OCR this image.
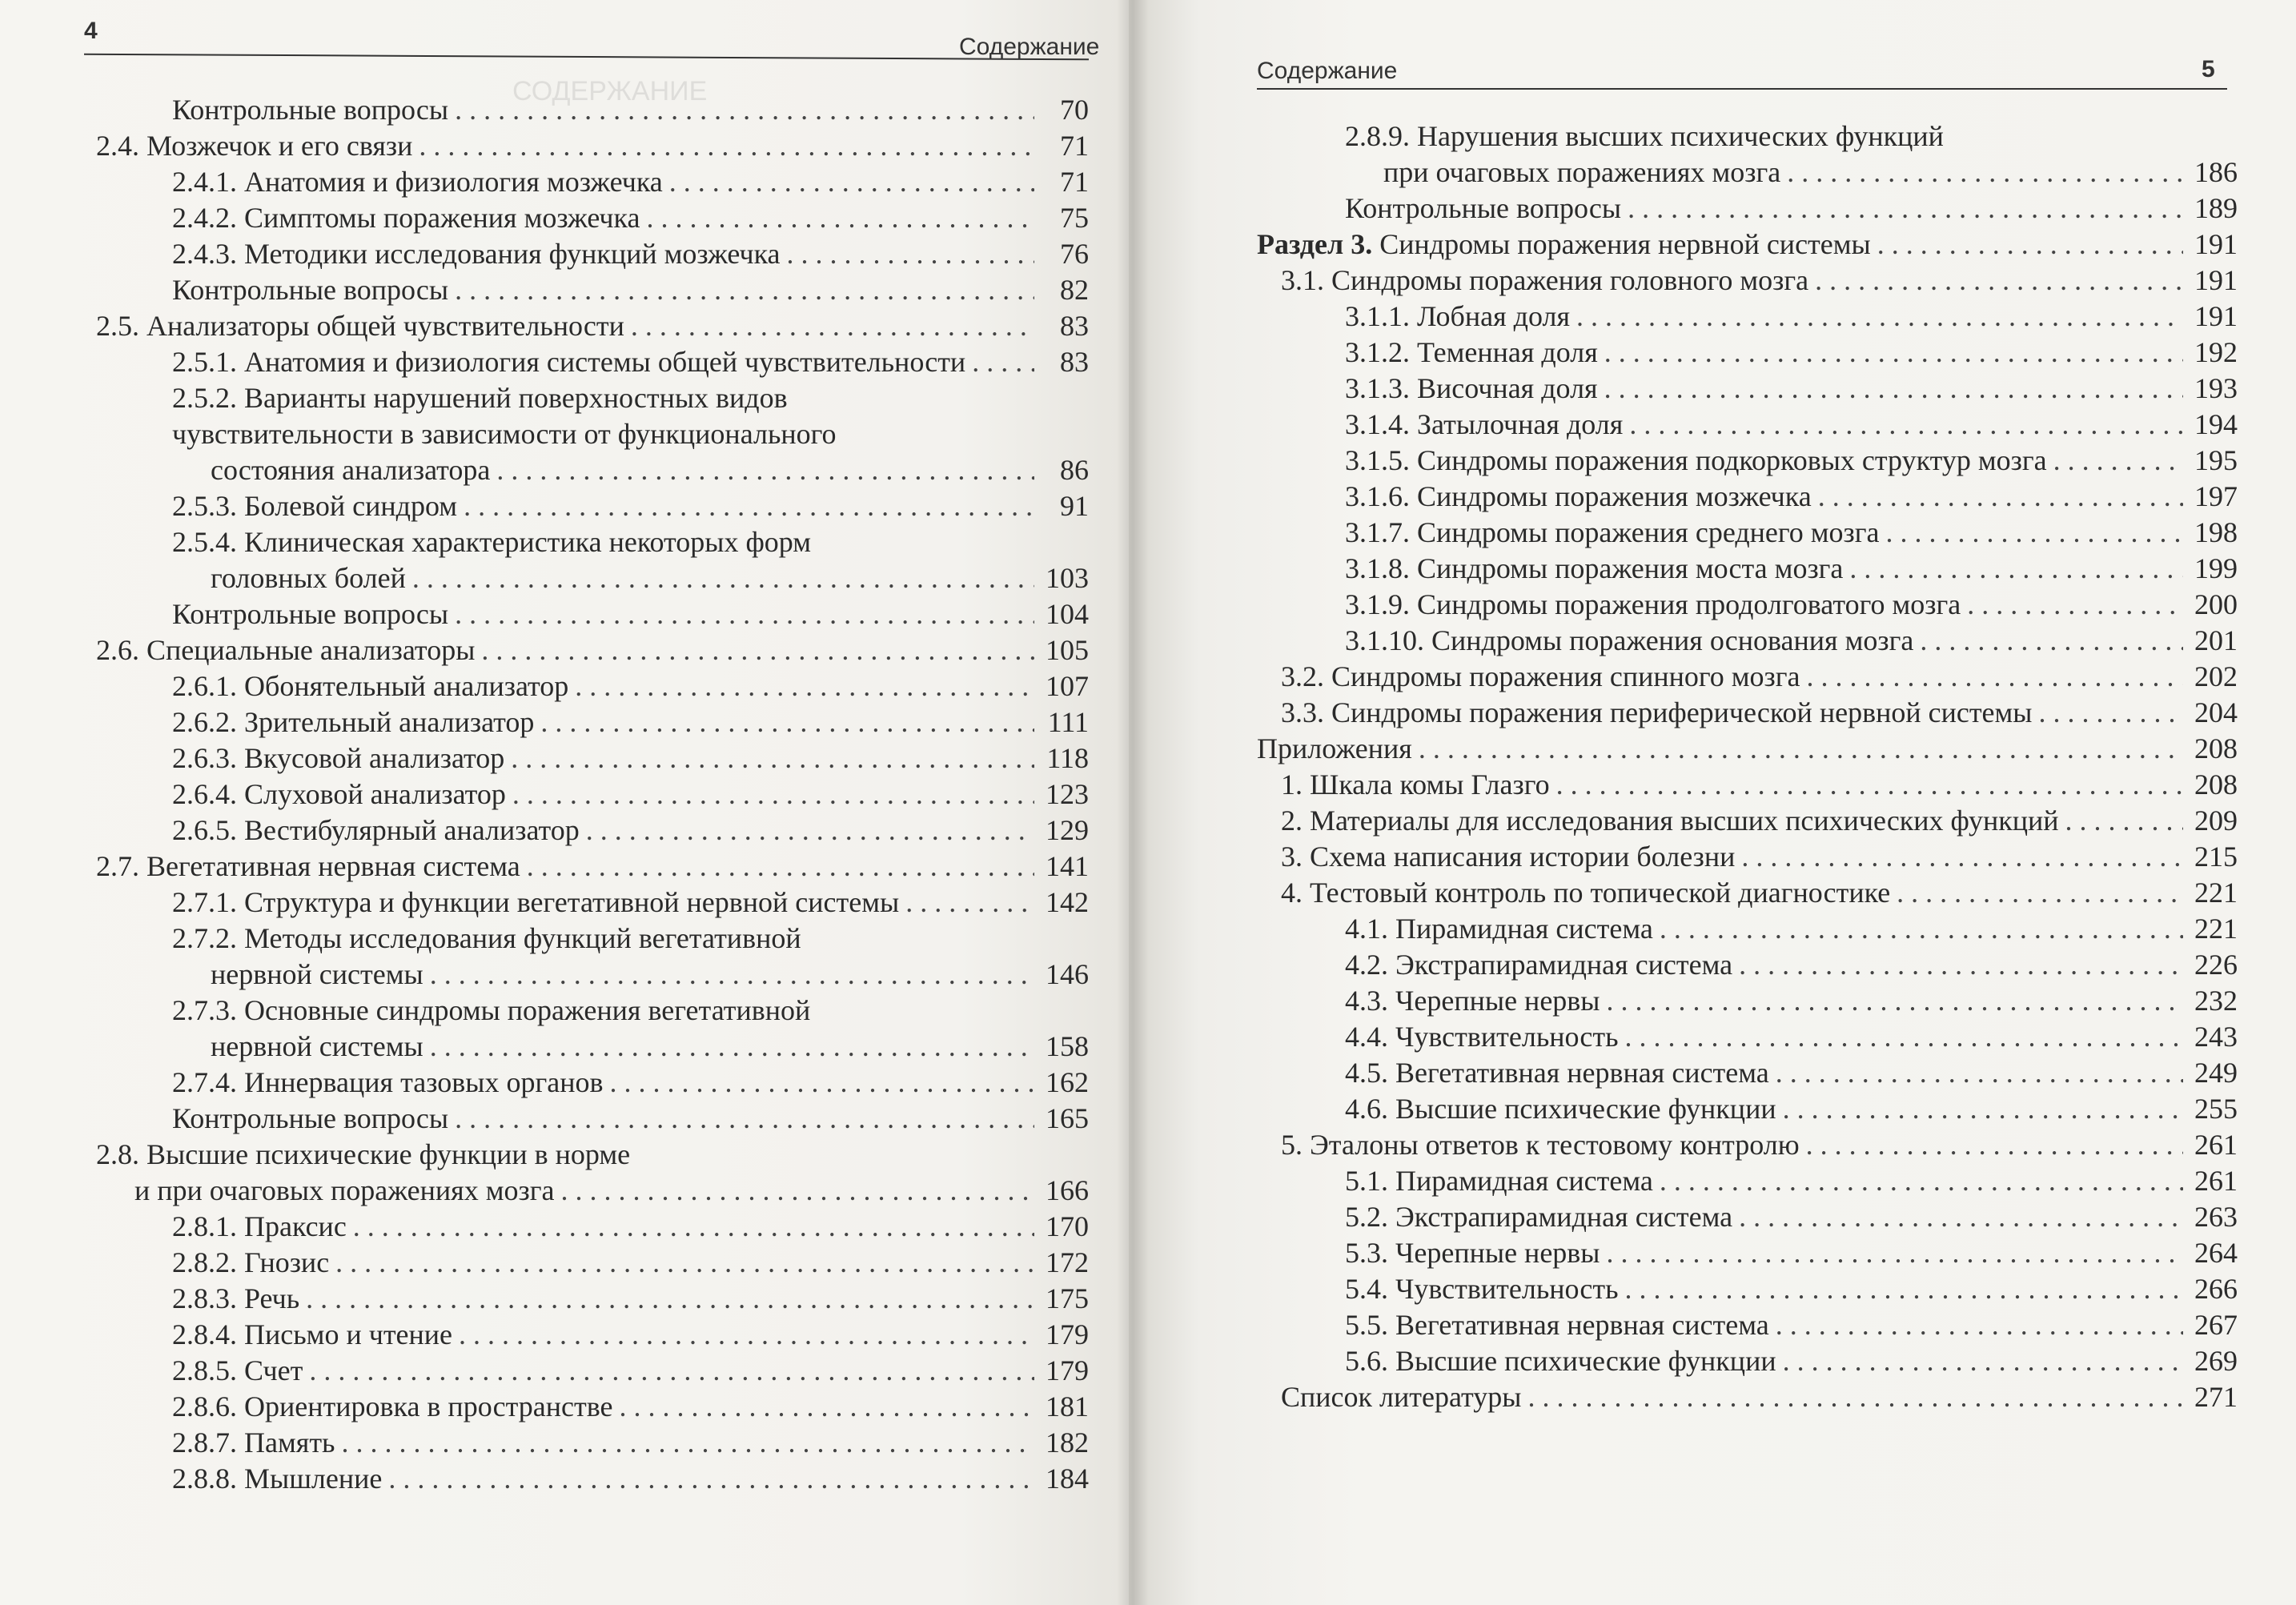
СОДЕРЖАНИЕ
4
Содержание
Контрольные вопросы . . .	70
2.4. Мозжечок и его связи . . .	71
2.4.1. Анатомия и физиология мозжечка . . .	71
2.4.2. Симптомы поражения мозжечка . . .	75
2.4.3. Методики исследования функций мозжечка . . .	76
Контрольные вопросы . . .	82
2.5. Анализаторы общей чувствительности . . .	83
2.5.1. Анатомия и физиология системы общей чувствительности . . .	83
2.5.2. Варианты нарушений поверхностных видов
чувствительности в зависимости от функционального
состояния анализатора . . .	86
2.5.3. Болевой синдром . . .	91
2.5.4. Клиническая характеристика некоторых форм
головных болей . . .	103
Контрольные вопросы . . .	104
2.6. Специальные анализаторы . . .	105
2.6.1. Обонятельный анализатор . . .	107
2.6.2. Зрительный анализатор . . .	111
2.6.3. Вкусовой анализатор . . .	118
2.6.4. Слуховой анализатор . . .	123
2.6.5. Вестибулярный анализатор . . .	129
2.7. Вегетативная нервная система . . .	141
2.7.1. Структура и функции вегетативной нервной системы . . .	142
2.7.2. Методы исследования функций вегетативной
нервной системы . . .	146
2.7.3. Основные синдромы поражения вегетативной
нервной системы . . .	158
2.7.4. Иннервация тазовых органов . . .	162
Контрольные вопросы . . .	165
2.8. Высшие психические функции в норме
и при очаговых поражениях мозга . . .	166
2.8.1. Праксис . . .	170
2.8.2. Гнозис . . .	172
2.8.3. Речь . . .	175
2.8.4. Письмо и чтение . . .	179
2.8.5. Счет . . .	179
2.8.6. Ориентировка в пространстве . . .	181
2.8.7. Память . . .	182
2.8.8. Мышление . . .	184
Содержание	5
2.8.9. Нарушения высших психических функций
при очаговых поражениях мозга . . .	186
Контрольные вопросы . . .	189
Раздел 3. Синдромы поражения нервной системы . . .	191
3.1. Синдромы поражения головного мозга . . .	191
3.1.1. Лобная доля . . .	191
3.1.2. Теменная доля . . .	192
3.1.3. Височная доля . . .	193
3.1.4. Затылочная доля . . .	194
3.1.5. Синдромы поражения подкорковых структур мозга . . .	195
3.1.6. Синдромы поражения мозжечка . . .	197
3.1.7. Синдромы поражения среднего мозга . . .	198
3.1.8. Синдромы поражения моста мозга . . .	199
3.1.9. Синдромы поражения продолговатого мозга . . .	200
3.1.10. Синдромы поражения основания мозга . . .	201
3.2. Синдромы поражения спинного мозга . . .	202
3.3. Синдромы поражения периферической нервной системы . . .	204
Приложения . . .	208
1. Шкала комы Глазго . . .	208
2. Материалы для исследования высших психических функций . . .	209
3. Схема написания истории болезни . . .	215
4. Тестовый контроль по топической диагностике . . .	221
4.1. Пирамидная система . . .	221
4.2. Экстрапирамидная система . . .	226
4.3. Черепные нервы . . .	232
4.4. Чувствительность . . .	243
4.5. Вегетативная нервная система . . .	249
4.6. Высшие психические функции . . .	255
5. Эталоны ответов к тестовому контролю . . .	261
5.1. Пирамидная система . . .	261
5.2. Экстрапирамидная система . . .	263
5.3. Черепные нервы . . .	264
5.4. Чувствительность . . .	266
5.5. Вегетативная нервная система . . .	267
5.6. Высшие психические функции . . .	269
Список литературы . . .	271
